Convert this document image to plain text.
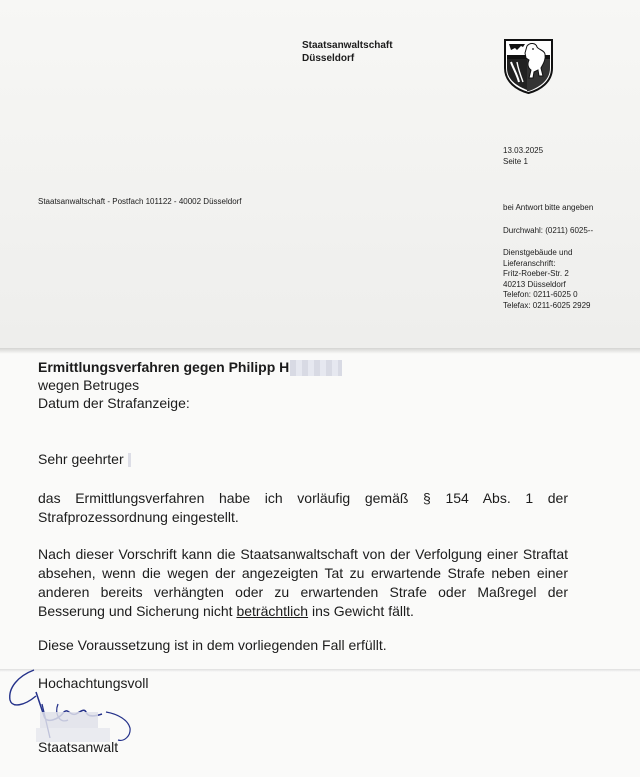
Staatsanwaltschaft
Düsseldorf
13.03.2025
Seite 1
Staatsanwaltschaft - Postfach 101122 - 40002 Düsseldorf
bei Antwort bitte angeben
Durchwahl: (0211) 6025--
Dienstgebäude und
Lieferanschrift:
Fritz-Roeber-Str. 2
40213 Düsseldorf
Telefon: 0211-6025 0
Telefax: 0211-6025 2929
Ermittlungsverfahren gegen Philipp H
wegen Betruges
Datum der Strafanzeige:
Sehr geehrter
das Ermittlungsverfahren habe ich vorläufig gemäß § 154 Abs. 1 der Strafprozessordnung eingestellt.
Nach dieser Vorschrift kann die Staatsanwaltschaft von der Verfolgung einer Straftat absehen, wenn die wegen der angezeigten Tat zu erwartende Strafe neben einer anderen bereits verhängten oder zu erwartenden Strafe oder Maßregel der Besserung und Sicherung nicht beträchtlich ins Gewicht fällt.
Diese Voraussetzung ist in dem vorliegenden Fall erfüllt.
Hochachtungsvoll
Staatsanwalt
